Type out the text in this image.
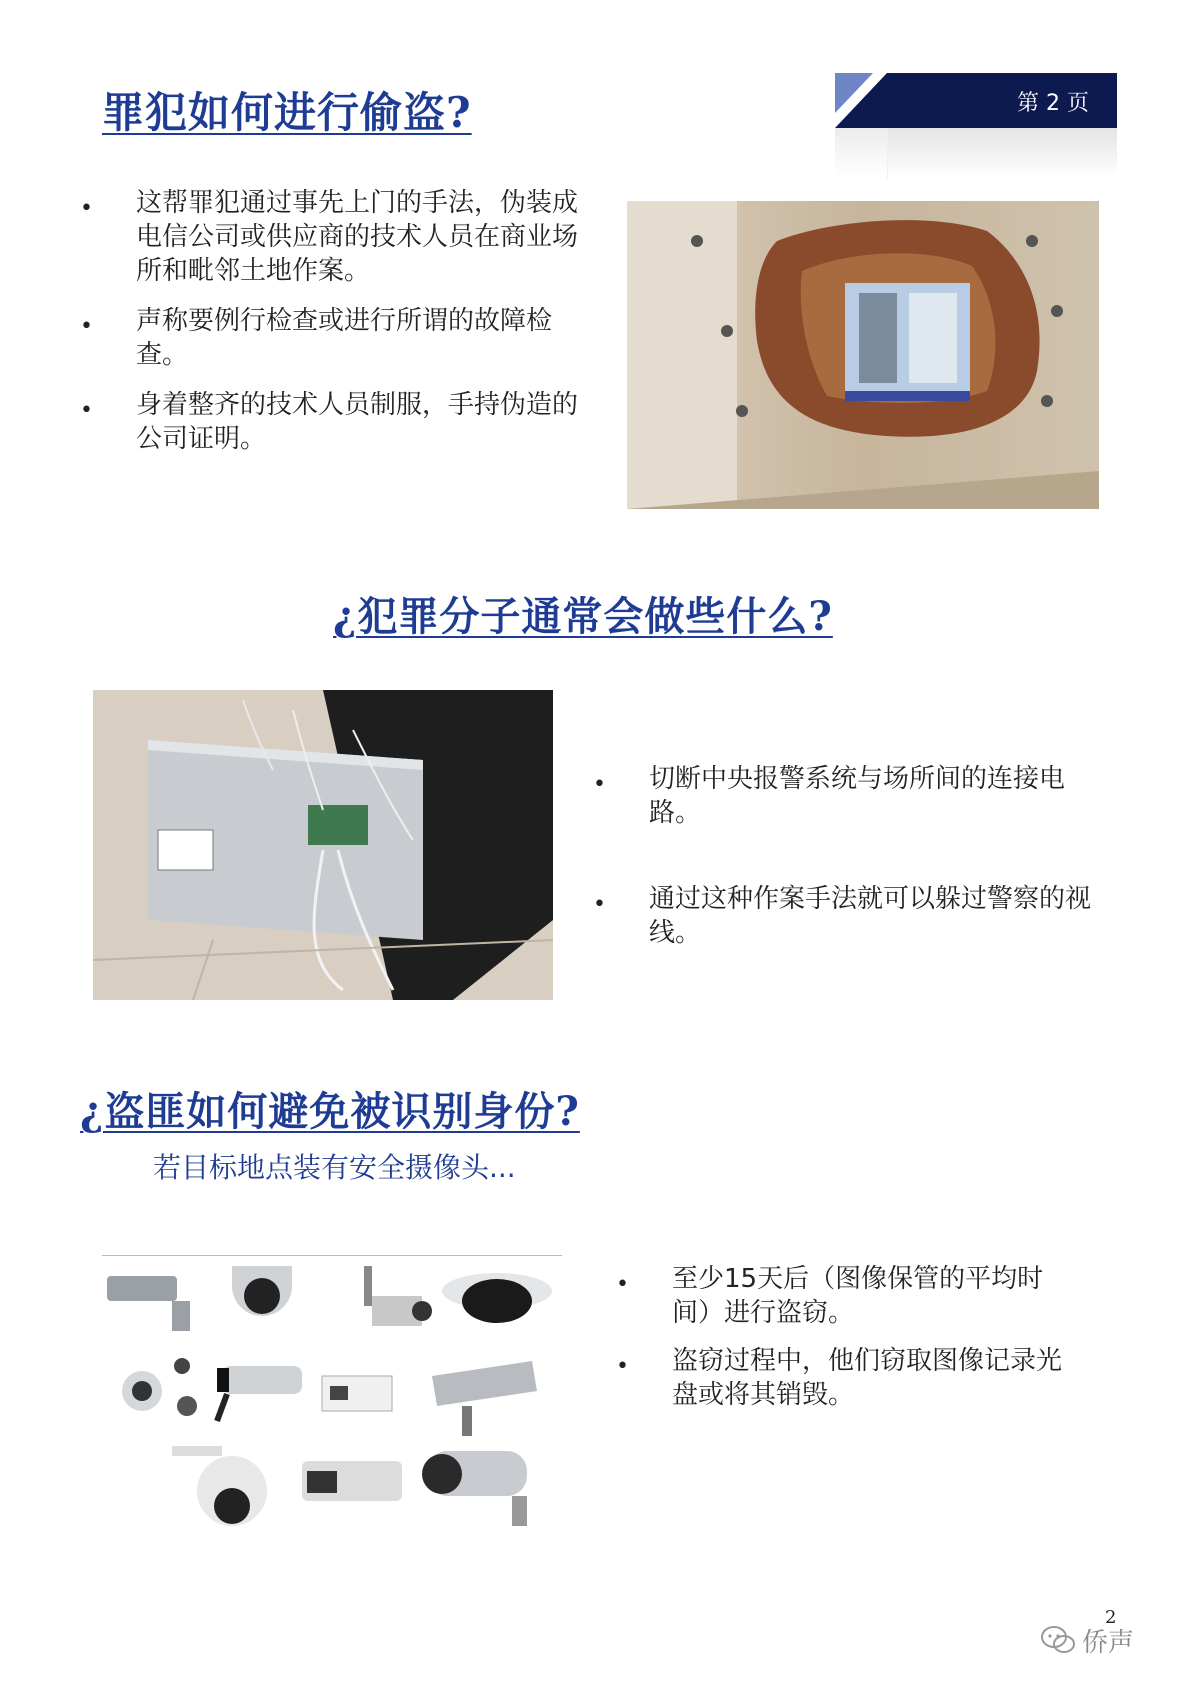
第 2 页
罪犯如何进行偷盗?
• 这帮罪犯通过事先上门的手法，伪装成电信公司或供应商的技术人员在商业场所和毗邻土地作案。
• 声称要例行检查或进行所谓的故障检查。
• 身着整齐的技术人员制服，手持伪造的公司证明。
¿犯罪分子通常会做些什么?
• 切断中央报警系统与场所间的连接电路。
• 通过这种作案手法就可以躲过警察的视线。
¿盗匪如何避免被识别身份?
若目标地点装有安全摄像头...
• 至少15天后（图像保管的平均时间）进行盗窃。
• 盗窃过程中，他们窃取图像记录光盘或将其销毁。
2
侨声
